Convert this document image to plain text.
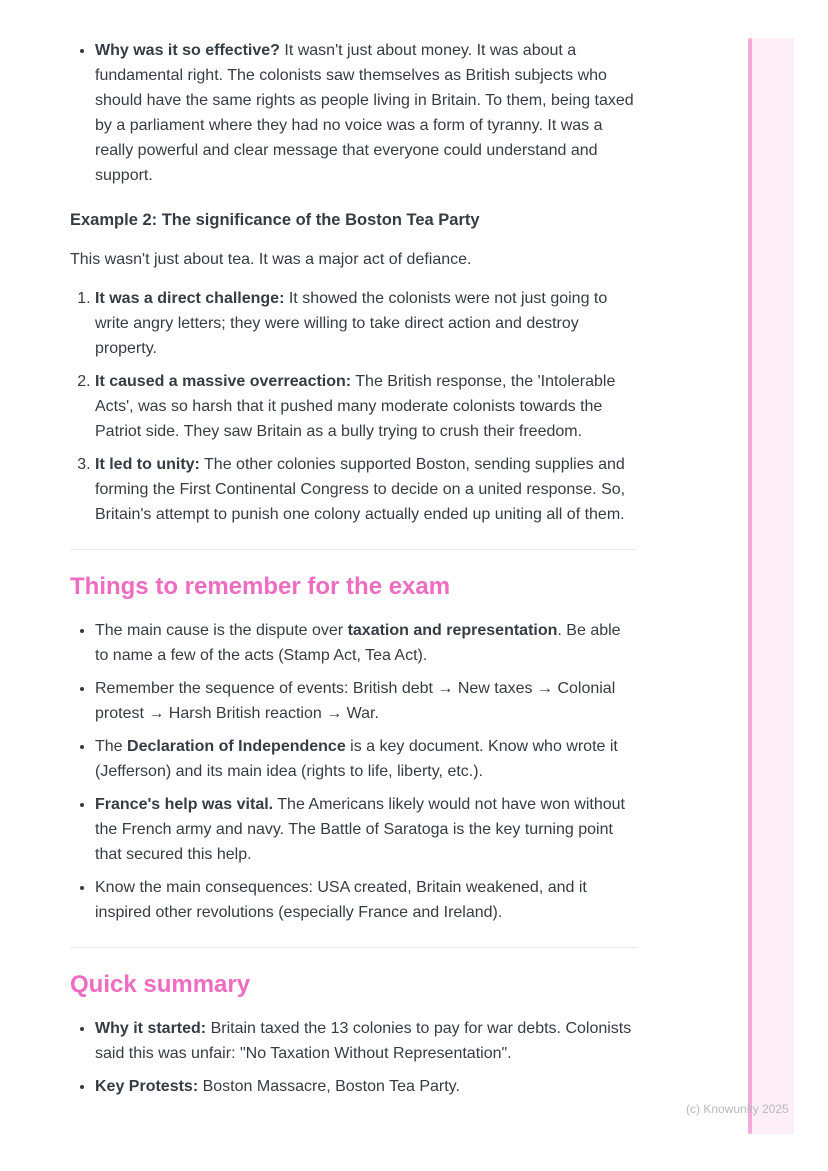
• Why was it so effective? It wasn't just about money. It was about a fundamental right. The colonists saw themselves as British subjects who should have the same rights as people living in Britain. To them, being taxed by a parliament where they had no voice was a form of tyranny. It was a really powerful and clear message that everyone could understand and support.
Example 2: The significance of the Boston Tea Party

This wasn't just about tea. It was a major act of defiance.

1. It was a direct challenge: It showed the colonists were not just going to write angry letters; they were willing to take direct action and destroy property.
2. It caused a massive overreaction: The British response, the 'Intolerable Acts', was so harsh that it pushed many moderate colonists towards the Patriot side. They saw Britain as a bully trying to crush their freedom.
3. It led to unity: The other colonies supported Boston, sending supplies and forming the First Continental Congress to decide on a united response. So, Britain's attempt to punish one colony actually ended up uniting all of them.
Things to remember for the exam
• The main cause is the dispute over taxation and representation. Be able to name a few of the acts (Stamp Act, Tea Act).
• Remember the sequence of events: British debt → New taxes → Colonial protest → Harsh British reaction → War.
• The Declaration of Independence is a key document. Know who wrote it (Jefferson) and its main idea (rights to life, liberty, etc.).
• France's help was vital. The Americans likely would not have won without the French army and navy. The Battle of Saratoga is the key turning point that secured this help.
• Know the main consequences: USA created, Britain weakened, and it inspired other revolutions (especially France and Ireland).
Quick summary
• Why it started: Britain taxed the 13 colonies to pay for war debts. Colonists said this was unfair: "No Taxation Without Representation".
• Key Protests: Boston Massacre, Boston Tea Party.
(c) Knowunity 2025
